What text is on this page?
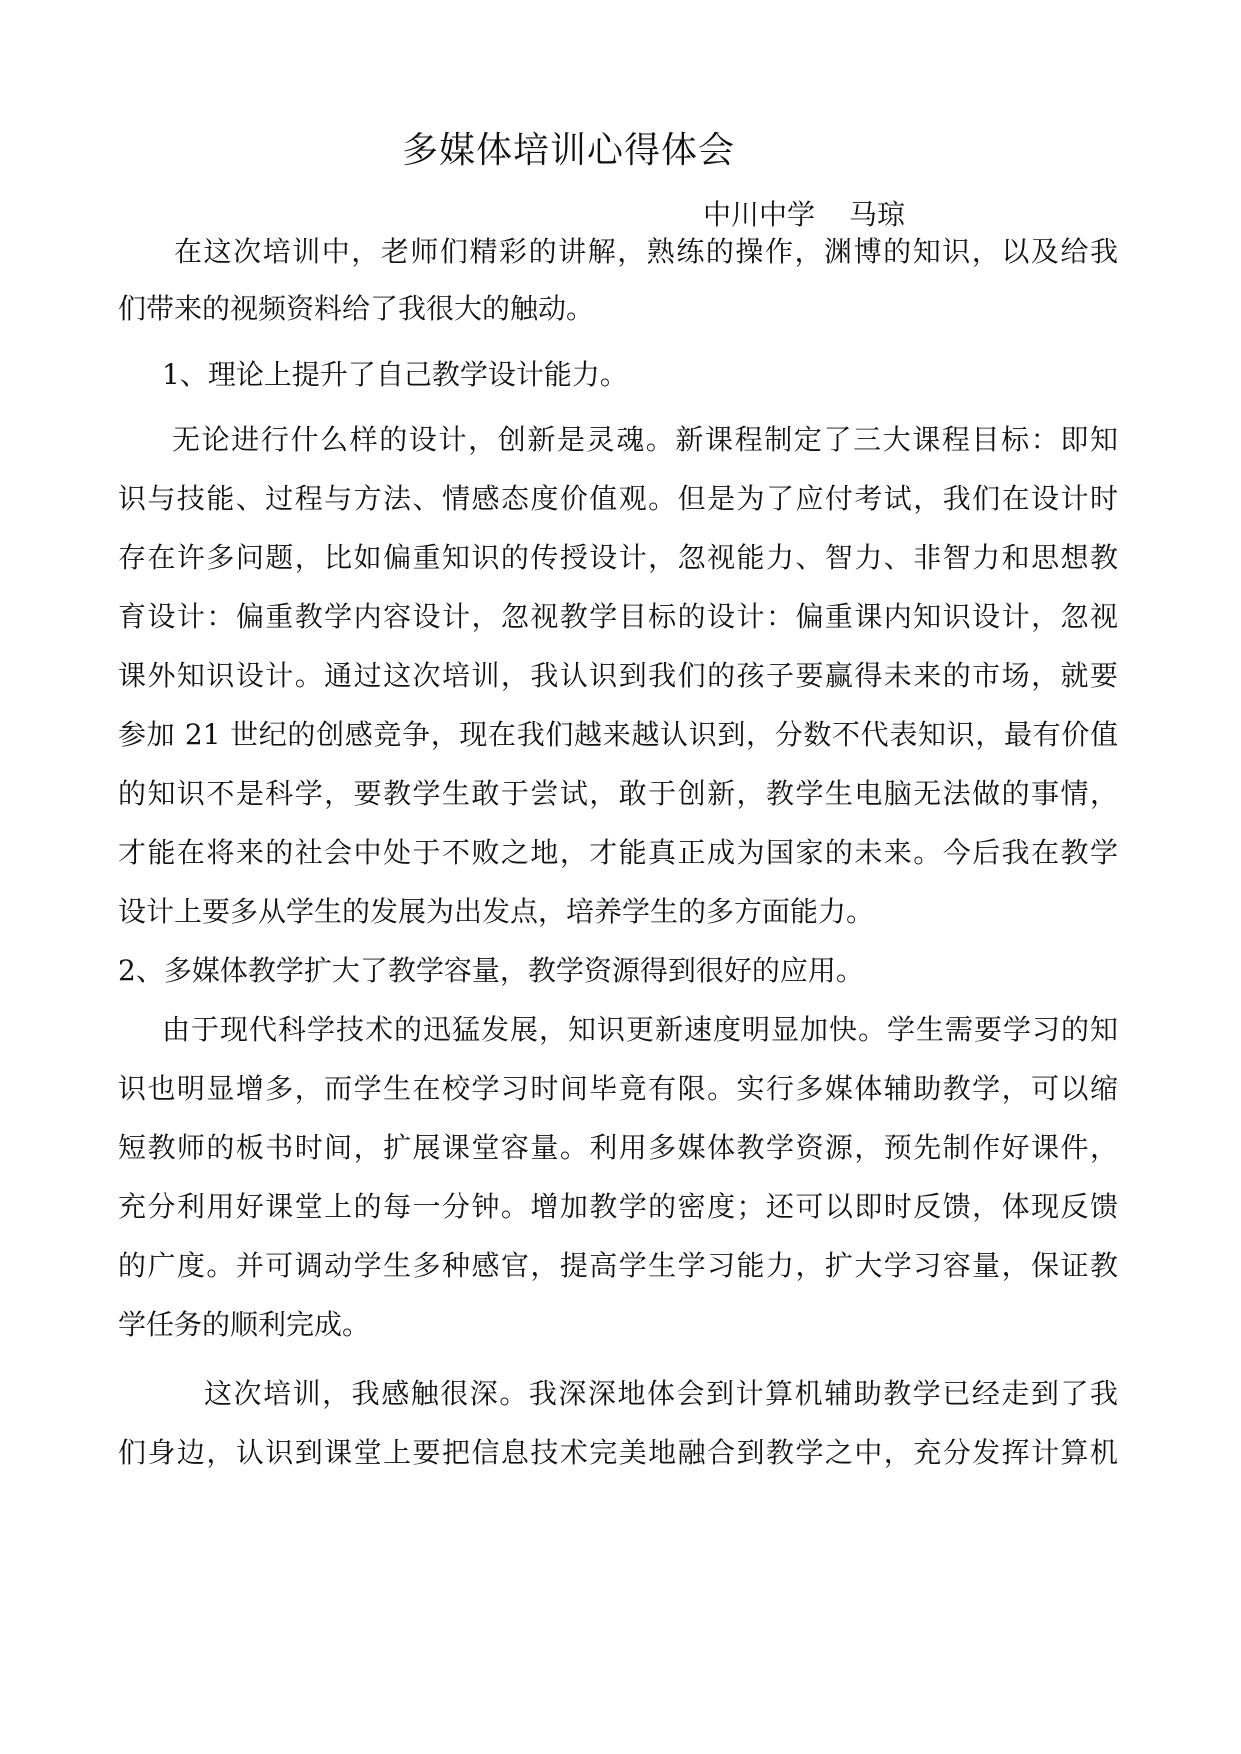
多媒体培训心得体会
中川中学 马琼
在这次培训中，老师们精彩的讲解，熟练的操作，渊博的知识，以及给我
们带来的视频资料给了我很大的触动。
1、理论上提升了自己教学设计能力。
无论进行什么样的设计，创新是灵魂。新课程制定了三大课程目标：即知
识与技能、过程与方法、情感态度价值观。但是为了应付考试，我们在设计时
存在许多问题，比如偏重知识的传授设计，忽视能力、智力、非智力和思想教
育设计：偏重教学内容设计，忽视教学目标的设计：偏重课内知识设计，忽视
课外知识设计。通过这次培训，我认识到我们的孩子要赢得未来的市场，就要
参加 21 世纪的创感竞争，现在我们越来越认识到，分数不代表知识，最有价值
的知识不是科学，要教学生敢于尝试，敢于创新，教学生电脑无法做的事情，
才能在将来的社会中处于不败之地，才能真正成为国家的未来。今后我在教学
设计上要多从学生的发展为出发点，培养学生的多方面能力。
2、多媒体教学扩大了教学容量，教学资源得到很好的应用。
由于现代科学技术的迅猛发展，知识更新速度明显加快。学生需要学习的知
识也明显增多，而学生在校学习时间毕竟有限。实行多媒体辅助教学，可以缩
短教师的板书时间，扩展课堂容量。利用多媒体教学资源，预先制作好课件，
充分利用好课堂上的每一分钟。增加教学的密度；还可以即时反馈，体现反馈
的广度。并可调动学生多种感官，提高学生学习能力，扩大学习容量，保证教
学任务的顺利完成。
这次培训，我感触很深。我深深地体会到计算机辅助教学已经走到了我
们身边，认识到课堂上要把信息技术完美地融合到教学之中，充分发挥计算机
